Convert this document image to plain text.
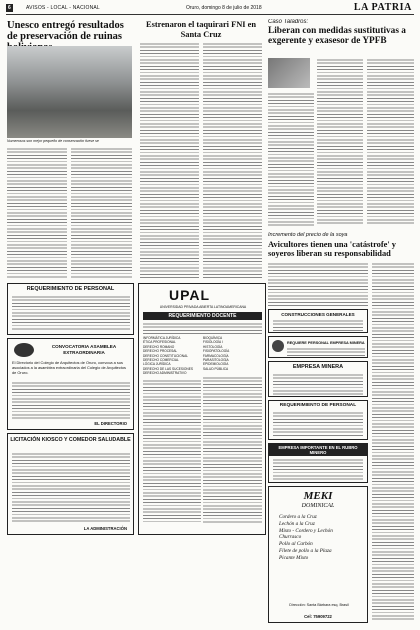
6	AVISOS - LOCAL - NACIONAL	Oruro, domingo 8 de julio de 2018	LA PATRIA
Unesco entregó resultados de preservación de ruinas
Numerosos son mejor pequeño de conservación fuese se
Estrenaron el taquirari FNI en Santa Cruz
Caso Taladros:
Liberan con medidas sustitutivas a exgerente y exasesor de YPFB
Incremento del precio de la soya
Avicultores tienen una 'catástrofe' y soyeros liberan su responsabilidad
REQUERIMIENTO DE PERSONAL
CONVOCATORIA ASAMBLEA EXTRAORDINARIA
El Directorio del Colegio de Arquitectos de Oruro, convoca a sus asociados a la asamblea extraordinaria del Colegio de Arquitectos de Oruro.
EL DIRECTORIO
LICITACIÓN KIOSCO Y COMEDOR SALUDABLE
LA ADMINISTRACIÓN
UPAL
UNIVERSIDAD PRIVADA ABIERTA LATINOAMERICANA
REQUERIMIENTO DOCENTE
INFORMÁTICA JURÍDICA
ÉTICA PROFESIONAL
DERECHO ROMANO
DERECHO PROCESAL
DERECHO CONSTITUCIONAL
DERECHO COMERCIAL
LÓGICA JURÍDICA
DERECHO DE LAS SUCESIONES
DERECHO ADMINISTRATIVO
BIOQUÍMICA
FISIOLOGÍA I
HISTOLOGÍA
FISIOPATOLOGÍA
FARMACOLOGÍA
PARASITOLOGÍA
EPIDEMIOLOGÍA
SALUD PÚBLICA
CONSTRUCCIONES GENERALES
REQUIERE PERSONAL EMPRESA MINERA
EMPRESA MINERA
REQUERIMIENTO DE PERSONAL
EMPRESA IMPORTANTE EN EL RUBRO MINERO
MEKI
DOMINICAL
Cordero a la Cruz
Lechón a la Cruz
Mixto - Cordero y Lechón
Churrasco
Pollo al Carbón
Filete de pollo a la Plaza
Picante Mixto
Dirección: Santa Bárbara esq. Brasil
Cel: 75909722
